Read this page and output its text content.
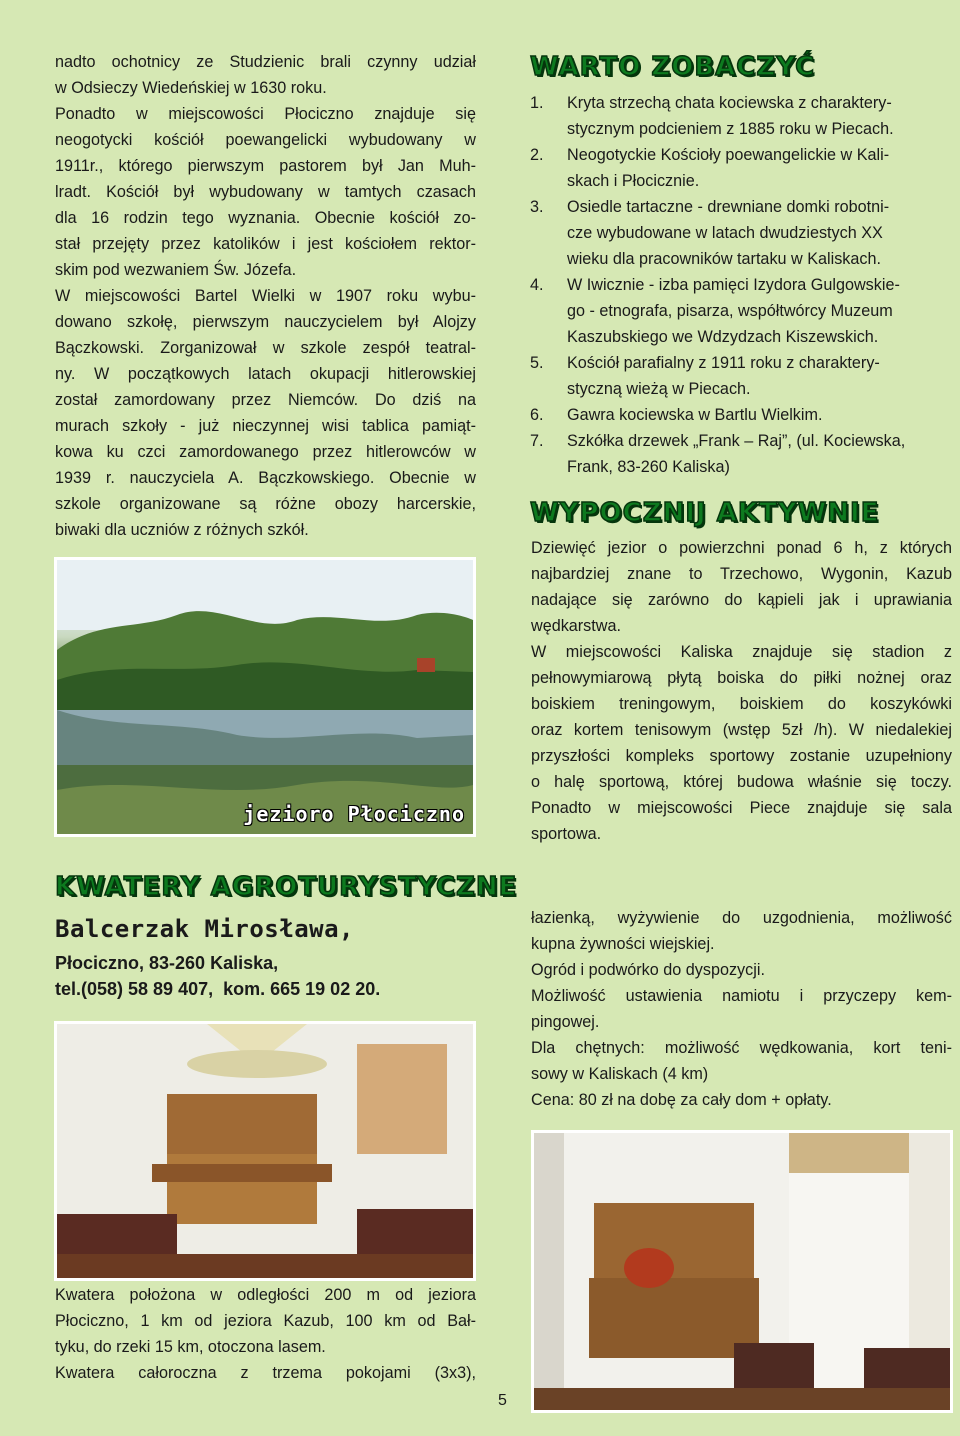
nadto ochotnicy ze Studzienic brali czynny udział
w Odsieczy Wiedeńskiej w 1630 roku.
Ponadto w miejscowości Płociczno znajduje się
neogotycki kościół poewangelicki wybudowany w
1911r., którego pierwszym pastorem był Jan Muh-
lradt. Kościół był wybudowany w tamtych czasach
dla 16 rodzin tego wyznania. Obecnie kościół zo-
stał przejęty przez katolików i jest kościołem rektor-
skim pod wezwaniem Św. Józefa.
W miejscowości Bartel Wielki w 1907 roku wybu-
dowano szkołę, pierwszym nauczycielem był Alojzy
Bączkowski. Zorganizował w szkole zespół teatral-
ny. W początkowych latach okupacji hitlerowskiej
został zamordowany przez Niemców. Do dziś na
murach szkoły - już nieczynnej wisi tablica pamiąt-
kowa ku czci zamordowanego przez hitlerowców w
1939 r. nauczyciela A. Bączkowskiego. Obecnie w
szkole organizowane są różne obozy harcerskie,
biwaki dla uczniów z różnych szkół.
jezioro Płociczno
WARTO ZOBACZYĆ
1. Kryta strzechą chata kociewska z charaktery-
stycznym podcieniem z 1885 roku w Piecach.
2. Neogotyckie Kościoły poewangelickie w Kali-
skach i Płocicznie.
3. Osiedle tartaczne - drewniane domki robotni-
cze wybudowane w latach dwudziestych XX
wieku dla pracowników tartaku w Kaliskach.
4. W Iwicznie - izba pamięci Izydora Gulgowskie-
go - etnografa, pisarza, współtwórcy Muzeum
Kaszubskiego we Wdzydzach Kiszewskich.
5. Kościół parafialny z 1911 roku z charaktery-
styczną wieżą w Piecach.
6. Gawra kociewska w Bartlu Wielkim.
7. Szkółka drzewek „Frank – Raj”, (ul. Kociewska,
Frank, 83-260 Kaliska)
WYPOCZNIJ AKTYWNIE
Dziewięć jezior o powierzchni ponad 6 h, z których
najbardziej znane to Trzechowo, Wygonin, Kazub
nadające się zarówno do kąpieli jak i uprawiania
wędkarstwa.
W miejscowości Kaliska znajduje się stadion z
pełnowymiarową płytą boiska do piłki nożnej oraz
boiskiem treningowym, boiskiem do koszykówki
oraz kortem tenisowym (wstęp 5zł /h). W niedalekiej
przyszłości kompleks sportowy zostanie uzupełniony
o halę sportową, której budowa właśnie się toczy.
Ponadto w miejscowości Piece znajduje się sala
sportowa.
KWATERY AGROTURYSTYCZNE
Balcerzak Mirosława,
Płociczno, 83-260 Kaliska,
tel.(058) 58 89 407,  kom. 665 19 02 20.
łazienką, wyżywienie do uzgodnienia, możliwość
kupna żywności wiejskiej.
Ogród i podwórko do dyspozycji.
Możliwość ustawienia namiotu i przyczepy kem-
pingowej.
Dla chętnych: możliwość wędkowania, kort teni-
sowy w Kaliskach (4 km)
Cena: 80 zł na dobę za cały dom + opłaty.
Kwatera położona w odległości 200 m od jeziora
Płociczno, 1 km od jeziora Kazub, 100 km od Bał-
tyku, do rzeki 15 km, otoczona lasem.
Kwatera całoroczna z trzema pokojami (3x3),
5
